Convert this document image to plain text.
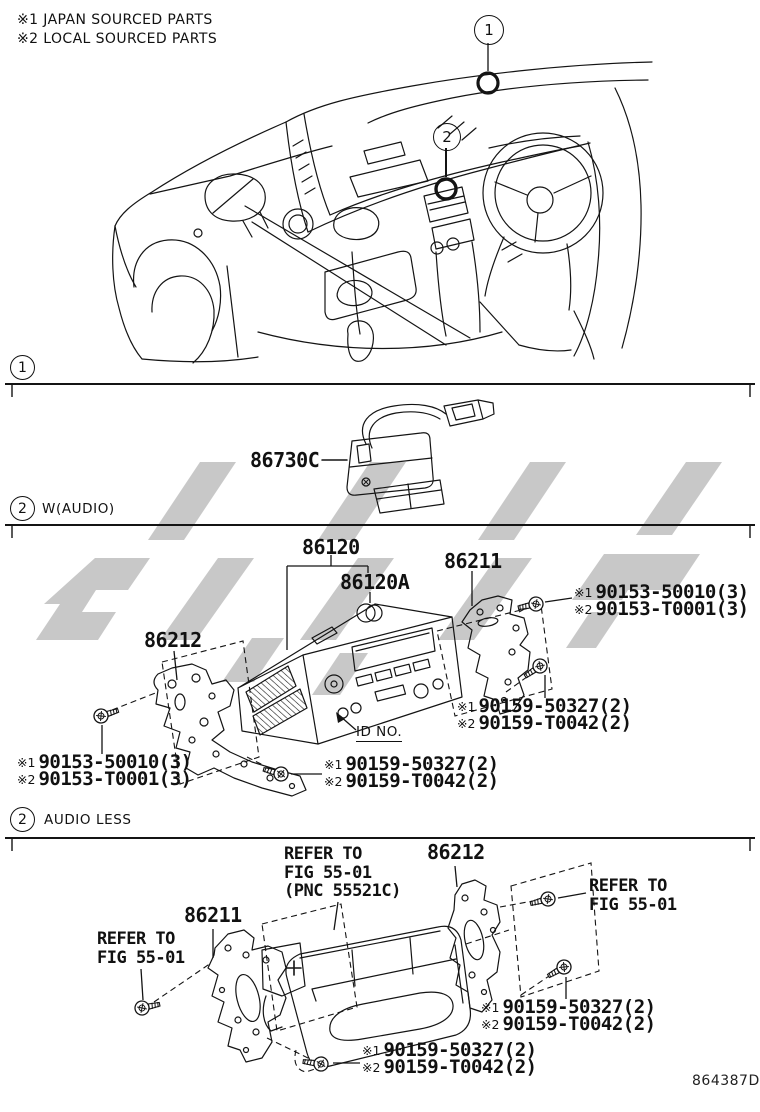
※1 JAPAN SOURCED PARTS
※2 LOCAL SOURCED PARTS	1
2
1
2 W(AUDIO)
2 AUDIO LESS
86730C
86120
86120A
86211
86212
ID NO.
※1 90153-50010(3)
※2 90153-T0001(3)
※1 90159-50327(2)
※2 90159-T0042(2)
※1 90153-50010(3)
※2 90153-T0001(3)
※1 90159-50327(2)
※2 90159-T0042(2)
REFER TO
FIG 55-01
(PNC 55521C)
86212
REFER TO
FIG 55-01
86211
REFER TO
FIG 55-01
※1 90159-50327(2)
※2 90159-T0042(2)
※1 90159-50327(2)
※2 90159-T0042(2)
864387D
